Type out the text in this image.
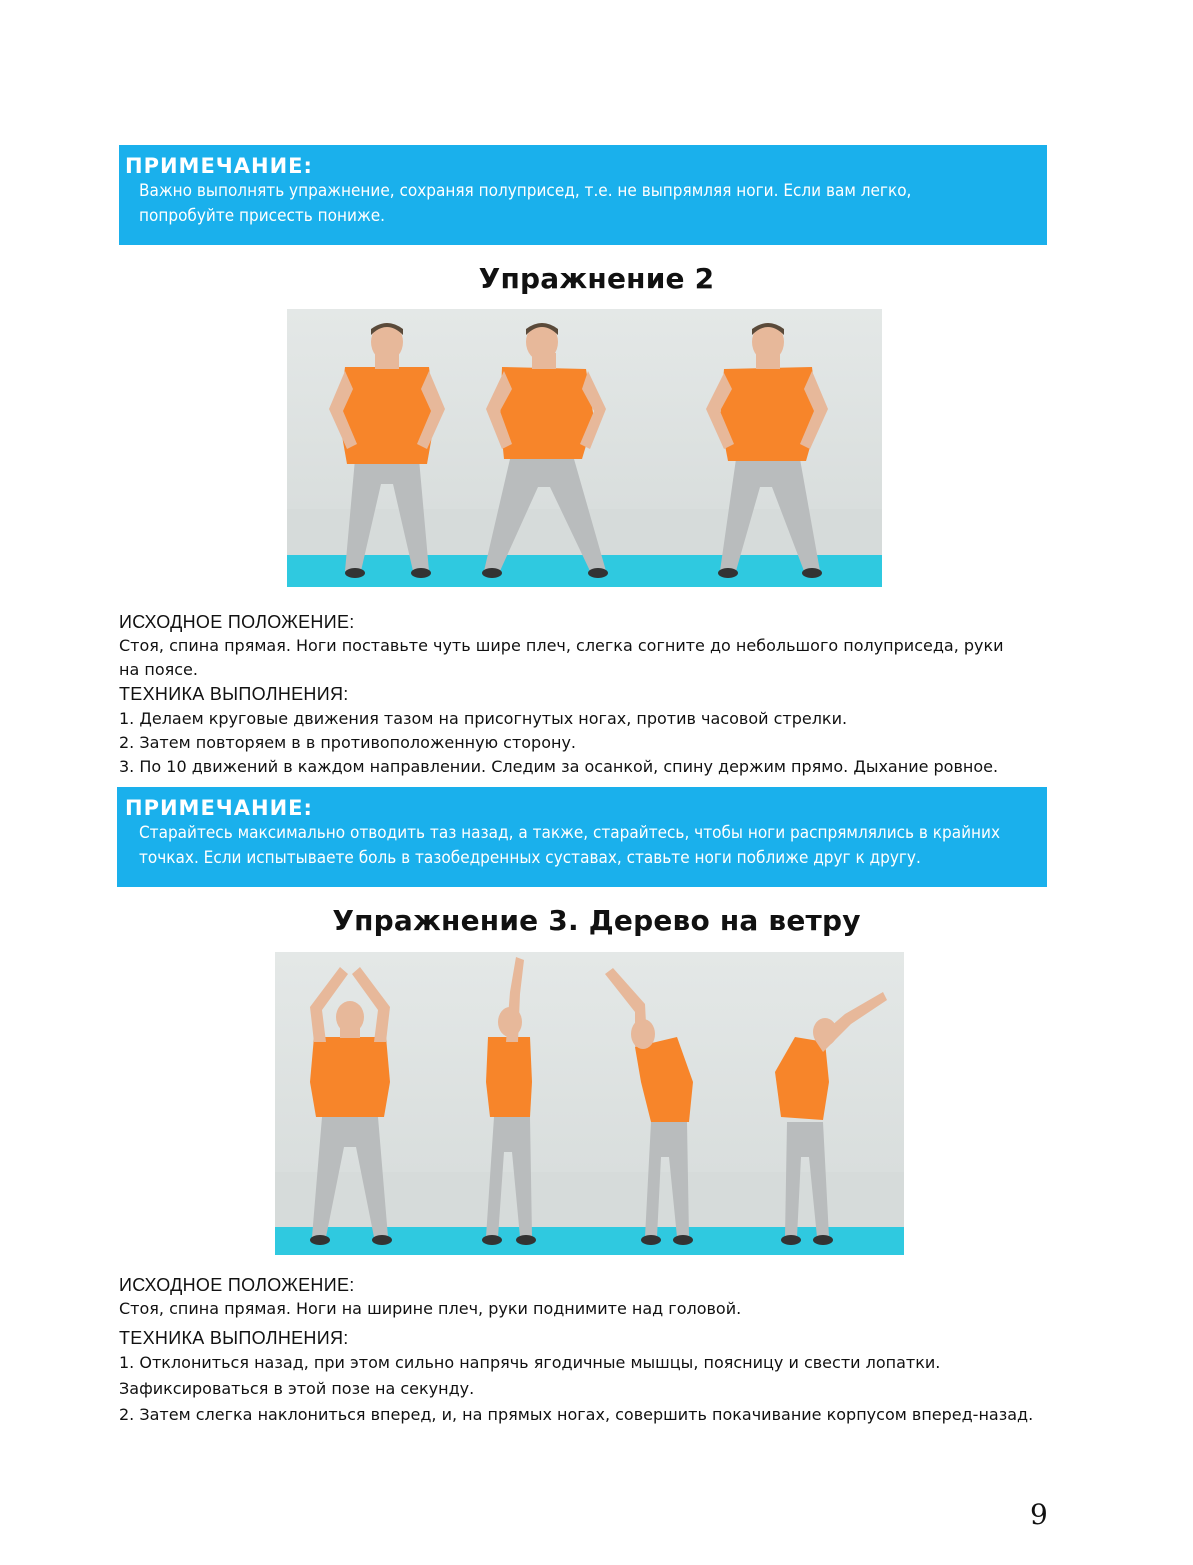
ПРИМЕЧАНИЕ:

Важно выполнять упражнение, сохраняя полуприсед, т.е. не выпрямляя ноги. Если вам легко,

попробуйте присесть пониже.

Упражнение 2

ИСХОДНОЕ ПОЛОЖЕНИЕ:

Стоя, спина прямая. Ноги поставьте чуть шире плеч, слегка согните до небольшого полуприседа, руки

на поясе.

ТЕХНИКА ВЫПОЛНЕНИЯ:

1. Делаем круговые движения тазом на присогнутых ногах, против часовой стрелки.

2. Затем повторяем в в противоположенную сторону.

3. По 10 движений в каждом направлении. Следим за осанкой, спину держим прямо. Дыхание ровное.

ПРИМЕЧАНИЕ:

Старайтесь максимально отводить таз назад, а также, старайтесь, чтобы ноги распрямлялись в крайних

точках. Если испытываете боль в тазобедренных суставах, ставьте ноги поближе друг к другу.

Упражнение 3. Дерево на ветру

ИСХОДНОЕ ПОЛОЖЕНИЕ:

Стоя, спина прямая. Ноги на ширине плеч, руки поднимите над головой.

ТЕХНИКА ВЫПОЛНЕНИЯ:

1. Отклониться назад, при этом сильно напрячь ягодичные мышцы, поясницу и свести лопатки.

Зафиксироваться в этой позе на секунду.

2. Затем слегка наклониться вперед, и, на прямых ногах, совершить покачивание корпусом вперед-назад.

9
